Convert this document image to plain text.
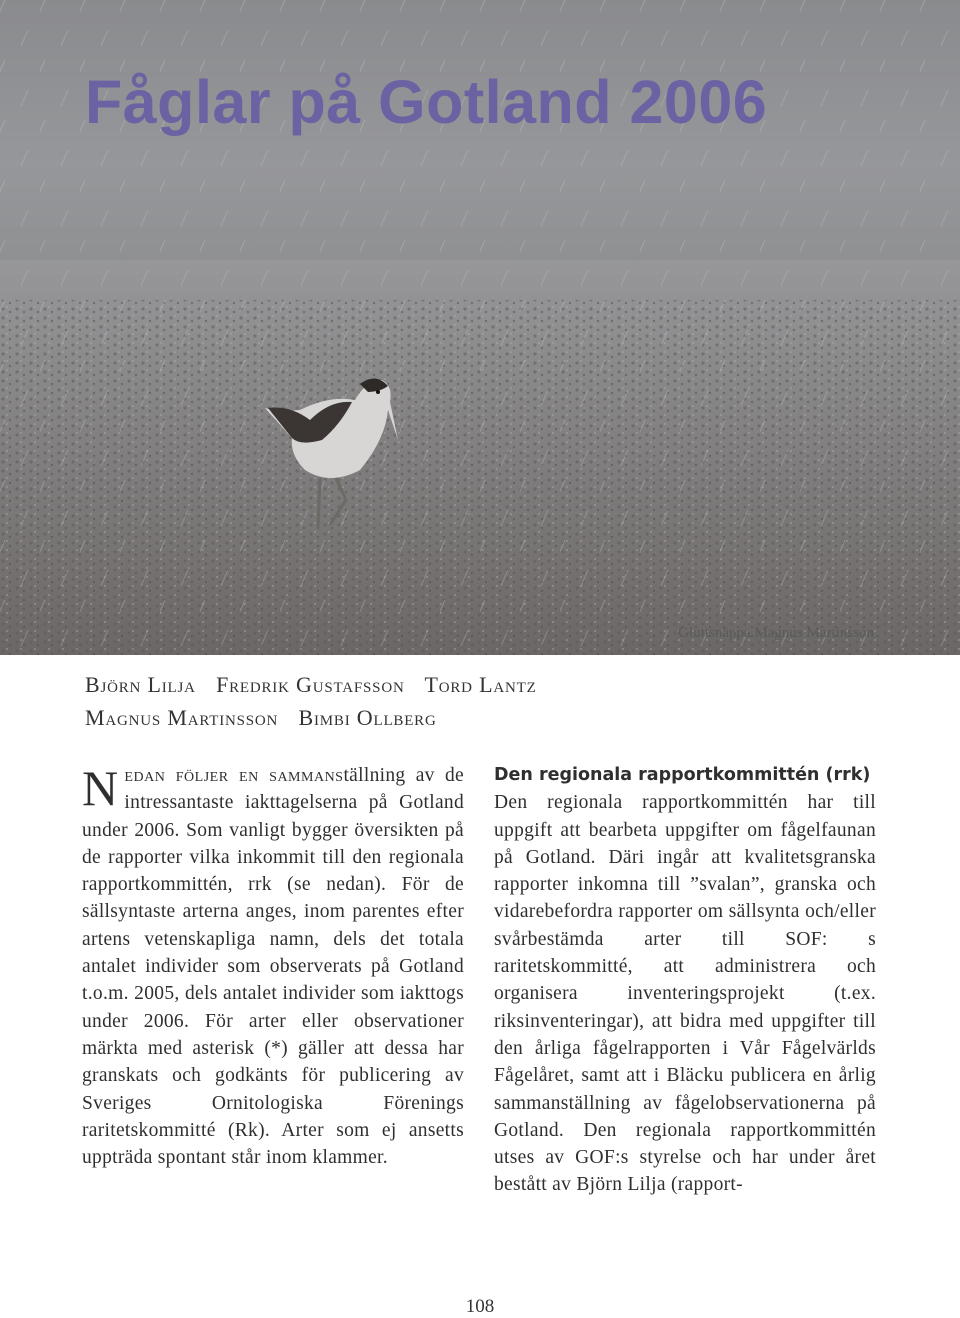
Fåglar på Gotland 2006
Gluttsnäppa Magnus Martinsson
Björn Lilja Fredrik Gustafsson Tord Lantz
Magnus Martinsson Bimbi Ollberg
Nedan följer en sammanställning av de intressantaste iakttagelserna på Gotland under 2006. Som vanligt bygger översikten på de rapporter vilka inkommit till den regionala rapportkommittén, rrk (se nedan). För de sällsyntaste arterna anges, inom parentes efter artens vetenskapliga namn, dels det totala antalet individer som observerats på Gotland t.o.m. 2005, dels antalet individer som iakttogs under 2006. För arter eller observationer märkta med asterisk (*) gäller att dessa har granskats och godkänts för publicering av Sveriges Ornitologiska Förenings raritetskommitté (Rk). Arter som ej ansetts uppträda spontant står inom klammer.
Den regionala rapportkommittén (rrk)
Den regionala rapportkommittén har till uppgift att bearbeta uppgifter om fågelfaunan på Gotland. Däri ingår att kvalitetsgranska rapporter inkomna till ”svalan”, granska och vidarebefordra rapporter om sällsynta och/eller svårbestämda arter till SOF: s raritetskommitté, att administrera och organisera inventeringsprojekt (t.ex. riksinventeringar), att bidra med uppgifter till den årliga fågelrapporten i Vår Fågelvärlds Fågelåret, samt att i Bläcku publicera en årlig sammanställning av fågelobservationerna på Gotland. Den regionala rapportkommittén utses av GOF:s styrelse och har under året bestått av Björn Lilja (rapport-
108
